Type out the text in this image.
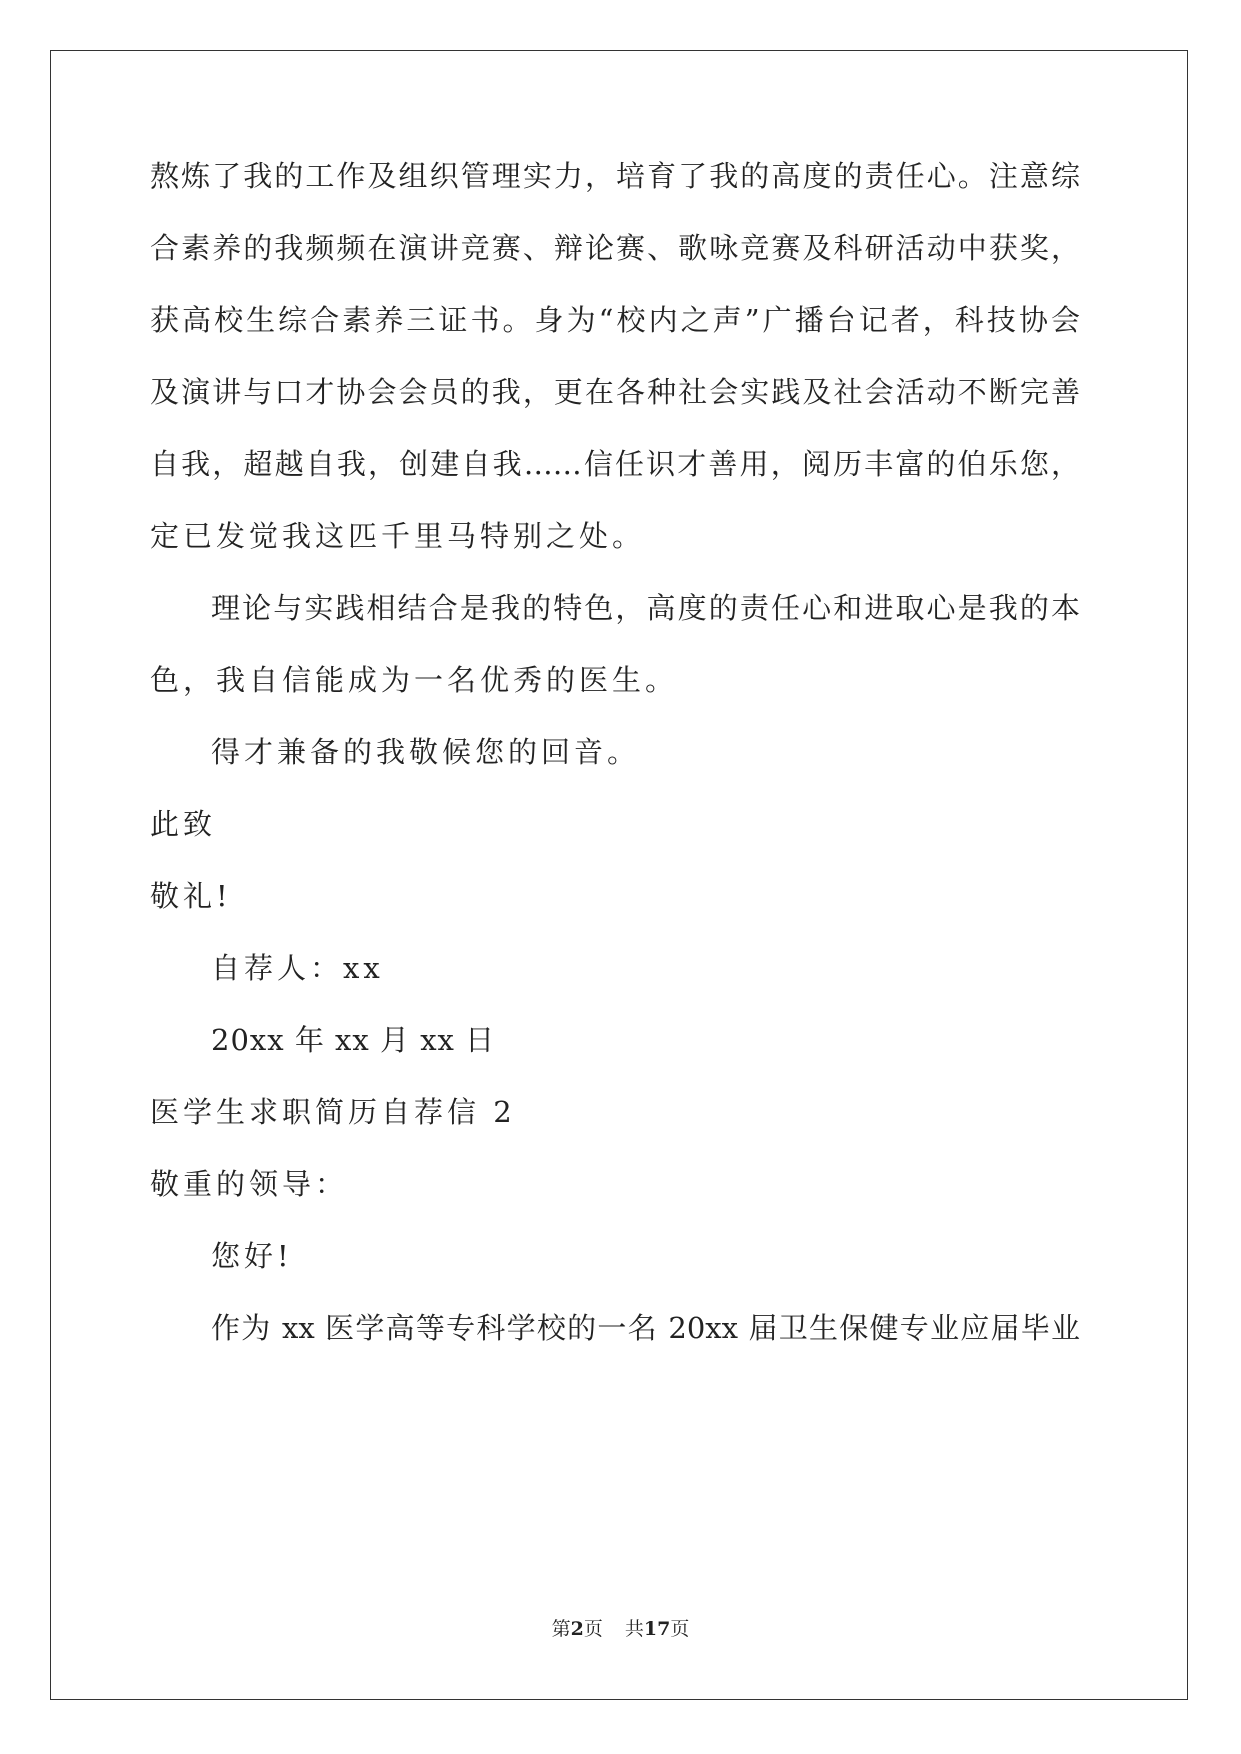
熬炼了我的工作及组织管理实力，培育了我的高度的责任心。注意综
合素养的我频频在演讲竞赛、辩论赛、歌咏竞赛及科研活动中获奖，
获高校生综合素养三证书。身为“校内之声”广播台记者，科技协会
及演讲与口才协会会员的我，更在各种社会实践及社会活动不断完善
自我，超越自我，创建自我……信任识才善用，阅历丰富的伯乐您，
定已发觉我这匹千里马特别之处。
理论与实践相结合是我的特色，高度的责任心和进取心是我的本
色，我自信能成为一名优秀的医生。
得才兼备的我敬候您的回音。
此致
敬礼!
自荐人：xx
20xx 年 xx 月 xx 日
医学生求职简历自荐信 2
敬重的领导：
您好!
作为 xx 医学高等专科学校的一名 20xx 届卫生保健专业应届毕业
第2页 共17页
